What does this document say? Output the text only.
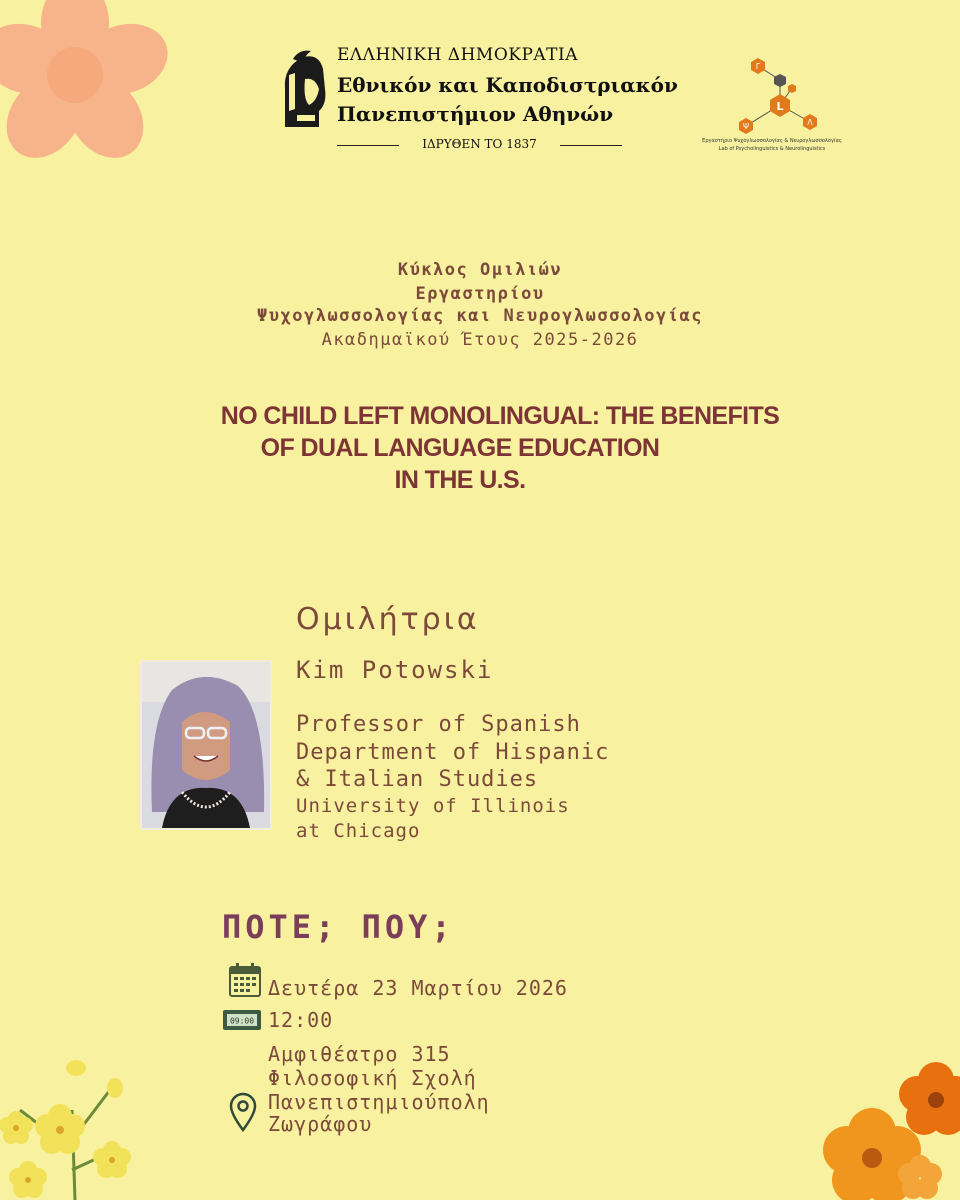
ΕΛΛΗΝΙΚΗ ΔΗΜΟΚΡΑΤΙΑ
Εθνικόν και Καποδιστριακόν
Πανεπιστήμιον Αθηνών
ΙΔΡΥΘΕΝ ΤΟ 1837
Γ
L
Ψ	Λ
Εργαστήριο Ψυχογλωσσολογίας & Νευρογλωσσολογίας
Lab of Psycholinguistics & Neurolinguistics
Κύκλος Ομιλιών
Εργαστηρίου
Ψυχογλωσσολογίας και Νευρογλωσσολογίας
Ακαδημαϊκού Έτους 2025-2026
NO CHILD LEFT MONOLINGUAL: THE BENEFITS
OF DUAL LANGUAGE EDUCATION
IN THE U.S.
Ομιλήτρια
Kim Potowski
Professor of Spanish
Department of Hispanic
& Italian Studies
University of Illinois
at Chicago
ΠΟΤΕ; ΠΟΥ;
Δευτέρα 23 Μαρτίου 2026
09:00 12:00
Αμφιθέατρο 315
Φιλοσοφική Σχολή
Πανεπιστημιούπολη
Ζωγράφου
